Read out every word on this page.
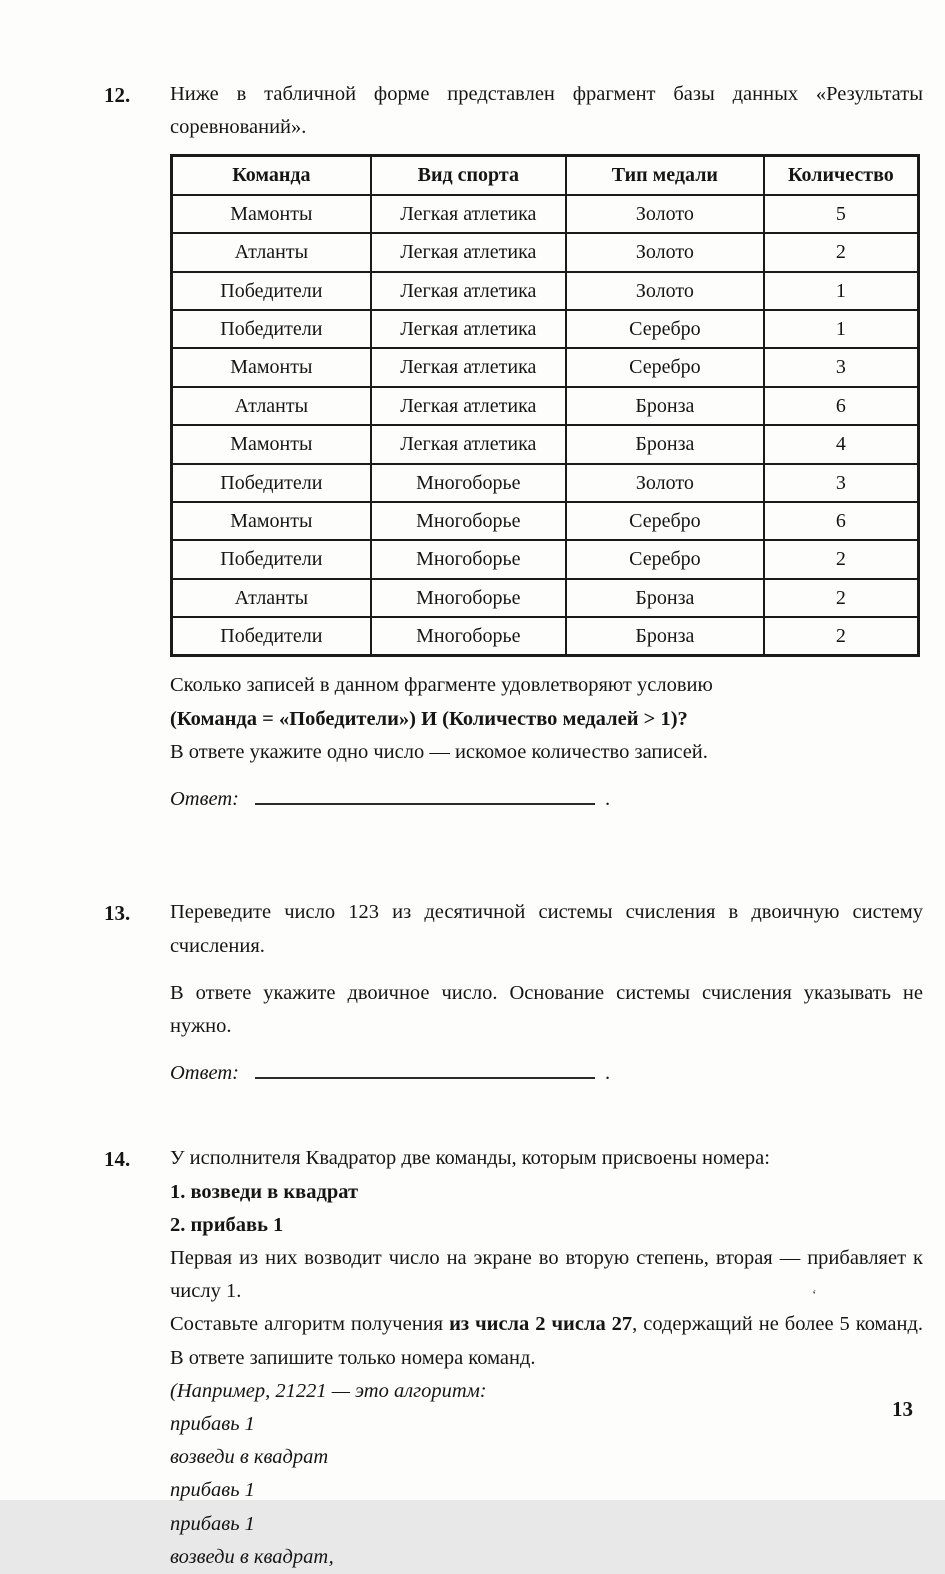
12.	Ниже в табличной форме представлен фрагмент базы данных «Результаты соревнований».

Команда	Вид спорта	Тип медали	Количество
Мамонты	Легкая атлетика	Золото	5
Атланты	Легкая атлетика	Золото	2
Победители	Легкая атлетика	Золото	1
Победители	Легкая атлетика	Серебро	1
Мамонты	Легкая атлетика	Серебро	3
Атланты	Легкая атлетика	Бронза	6
Мамонты	Легкая атлетика	Бронза	4
Победители	Многоборье	Золото	3
Мамонты	Многоборье	Серебро	6
Победители	Многоборье	Серебро	2
Атланты	Многоборье	Бронза	2
Победители	Многоборье	Бронза	2

Сколько записей в данном фрагменте удовлетворяют условию

(Команда = «Победители») И (Количество медалей > 1)?

В ответе укажите одно число — искомое количество записей.

Ответ:	.
13.	Переведите число 123 из десятичной системы счисления в двоичную систему счисления.

В ответе укажите двоичное число. Основание системы счисления указывать не нужно.

Ответ:	.
14.	У исполнителя Квадратор две команды, которым присвоены номера:

1. возведи в квадрат

2. прибавь 1

Первая из них возводит число на экране во вторую степень, вторая — прибавляет к числу 1.

Составьте алгоритм получения из числа 2 числа 27, содержащий не более 5 команд. В ответе запишите только номера команд.

(Например, 21221 — это алгоритм:

прибавь 1

возведи в квадрат

прибавь 1

прибавь 1

возведи в квадрат,

ʻ
13
